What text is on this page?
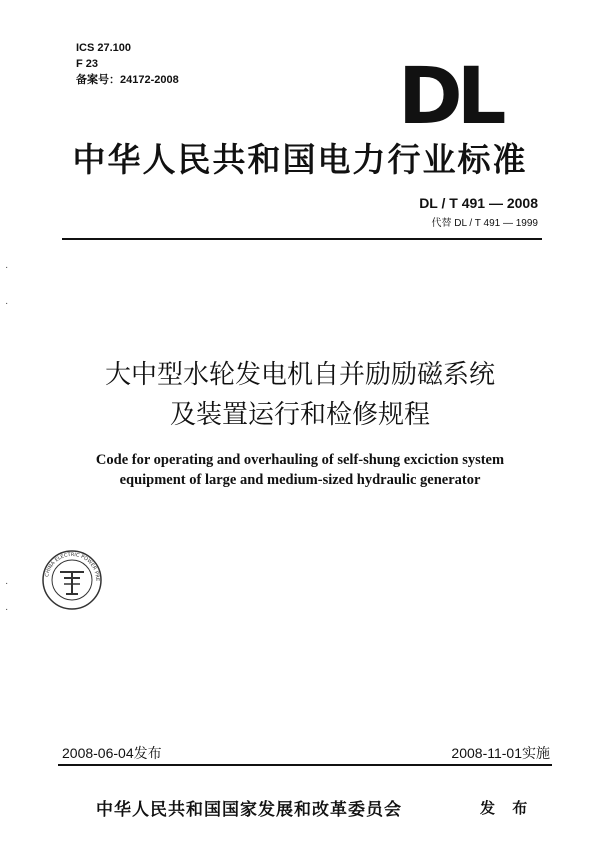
ICS 27.100
F 23
备案号：24172-2008	DL
中华人民共和国电力行业标准
DL / T 491 — 2008
代替 DL / T 491 — 1999
大中型水轮发电机自并励励磁系统
及装置运行和检修规程
Code for operating and overhauling of self-shung exciction system
equipment of large and medium-sized hydraulic generator
CHINA ELECTRIC POWER PRE
·
·
·
·
2008-06-04发布	2008-11-01实施
中华人民共和国国家发展和改革委员会	发 布
